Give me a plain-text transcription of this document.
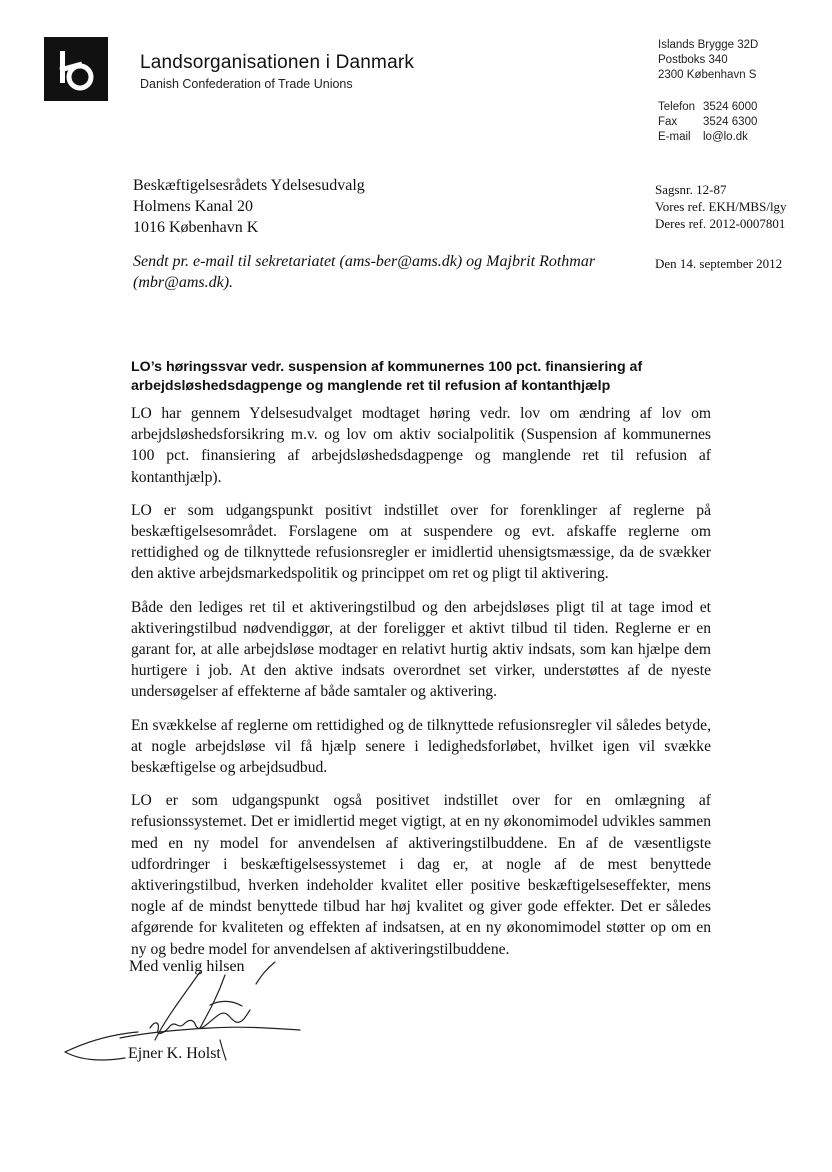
Landsorganisationen i Danmark
Danish Confederation of Trade Unions
Islands Brygge 32D
Postboks 340
2300 København S
Telefon 3524 6000
Fax	3524 6300
E-mail	lo@lo.dk
Beskæftigelsesrådets Ydelsesudvalg
Holmens Kanal 20
1016 København K
Sagsnr. 12-87
Vores ref. EKH/MBS/lgy
Deres ref. 2012-0007801
Sendt pr. e-mail til sekretariatet (ams-ber@ams.dk) og Majbrit Rothmar (mbr@ams.dk).
Den 14. september 2012
LO’s høringssvar vedr. suspension af kommunernes 100 pct. finansiering af arbejdsløshedsdagpenge og manglende ret til refusion af kontanthjælp

LO har gennem Ydelsesudvalget modtaget høring vedr. lov om ændring af lov om arbejdsløshedsforsikring m.v. og lov om aktiv socialpolitik (Suspension af kommunernes 100 pct. finansiering af arbejdsløshedsdagpenge og manglende ret til refusion af kontanthjælp).

LO er som udgangspunkt positivt indstillet over for forenklinger af reglerne på beskæftigelsesområdet. Forslagene om at suspendere og evt. afskaffe reglerne om rettidighed og de tilknyttede refusionsregler er imidlertid uhensigtsmæssige, da de svækker den aktive arbejdsmarkedspolitik og princippet om ret og pligt til aktivering.

Både den lediges ret til et aktiveringstilbud og den arbejdsløses pligt til at tage imod et aktiveringstilbud nødvendiggør, at der foreligger et aktivt tilbud til tiden. Reglerne er en garant for, at alle arbejdsløse modtager en relativt hurtig aktiv indsats, som kan hjælpe dem hurtigere i job. At den aktive indsats overordnet set virker, understøttes af de nyeste undersøgelser af effekterne af både samtaler og aktivering.

En svækkelse af reglerne om rettidighed og de tilknyttede refusionsregler vil således betyde, at nogle arbejdsløse vil få hjælp senere i ledighedsforløbet, hvilket igen vil svække beskæftigelse og arbejdsudbud.

LO er som udgangspunkt også positivet indstillet over for en omlægning af refusionssystemet. Det er imidlertid meget vigtigt, at en ny økonomimodel udvikles sammen med en ny model for anvendelsen af aktiveringstilbuddene. En af de væsentligste udfordringer i beskæftigelsessystemet i dag er, at nogle af de mest benyttede aktiveringstilbud, hverken indeholder kvalitet eller positive beskæftigelseseffekter, mens nogle af de mindst benyttede tilbud har høj kvalitet og giver gode effekter. Det er således afgørende for kvaliteten og effekten af indsatsen, at en ny økonomimodel støtter op om en ny og bedre model for anvendelsen af aktiveringstilbuddene.

Med venlig hilsen
Ejner K. Holst
